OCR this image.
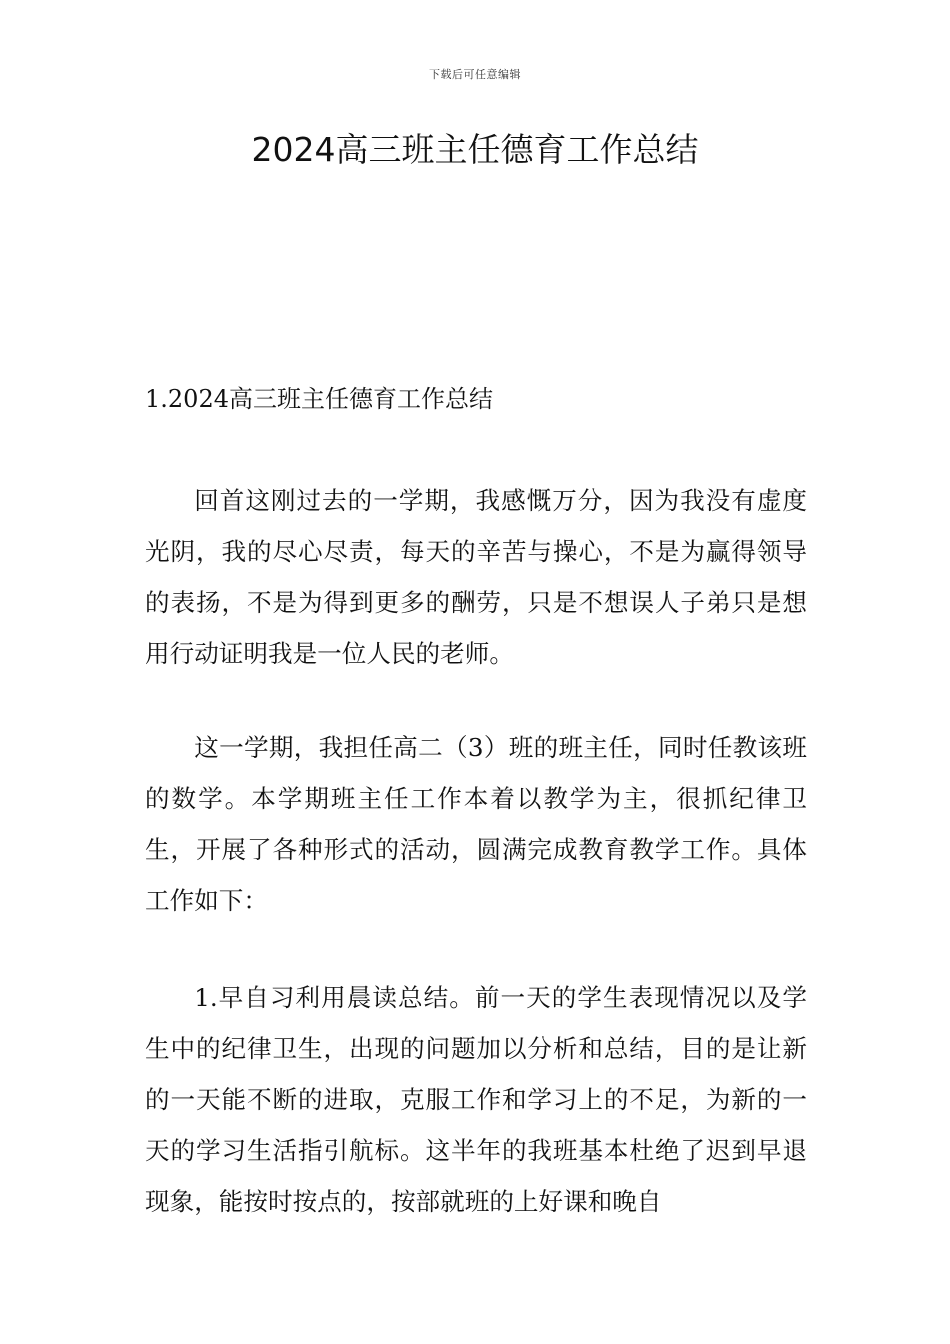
下载后可任意编辑
2024高三班主任德育工作总结
1.2024高三班主任德育工作总结

回首这刚过去的一学期，我感慨万分，因为我没有虚度光阴，我的尽心尽责，每天的辛苦与操心，不是为赢得领导的表扬，不是为得到更多的酬劳，只是不想误人子弟只是想用行动证明我是一位人民的老师。

这一学期，我担任高二（3）班的班主任，同时任教该班的数学。本学期班主任工作本着以教学为主，很抓纪律卫生，开展了各种形式的活动，圆满完成教育教学工作。具体工作如下：

1.早自习利用晨读总结。前一天的学生表现情况以及学生中的纪律卫生，出现的问题加以分析和总结，目的是让新的一天能不断的进取，克服工作和学习上的不足，为新的一天的学习生活指引航标。这半年的我班基本杜绝了迟到早退现象，能按时按点的，按部就班的上好课和晚自
